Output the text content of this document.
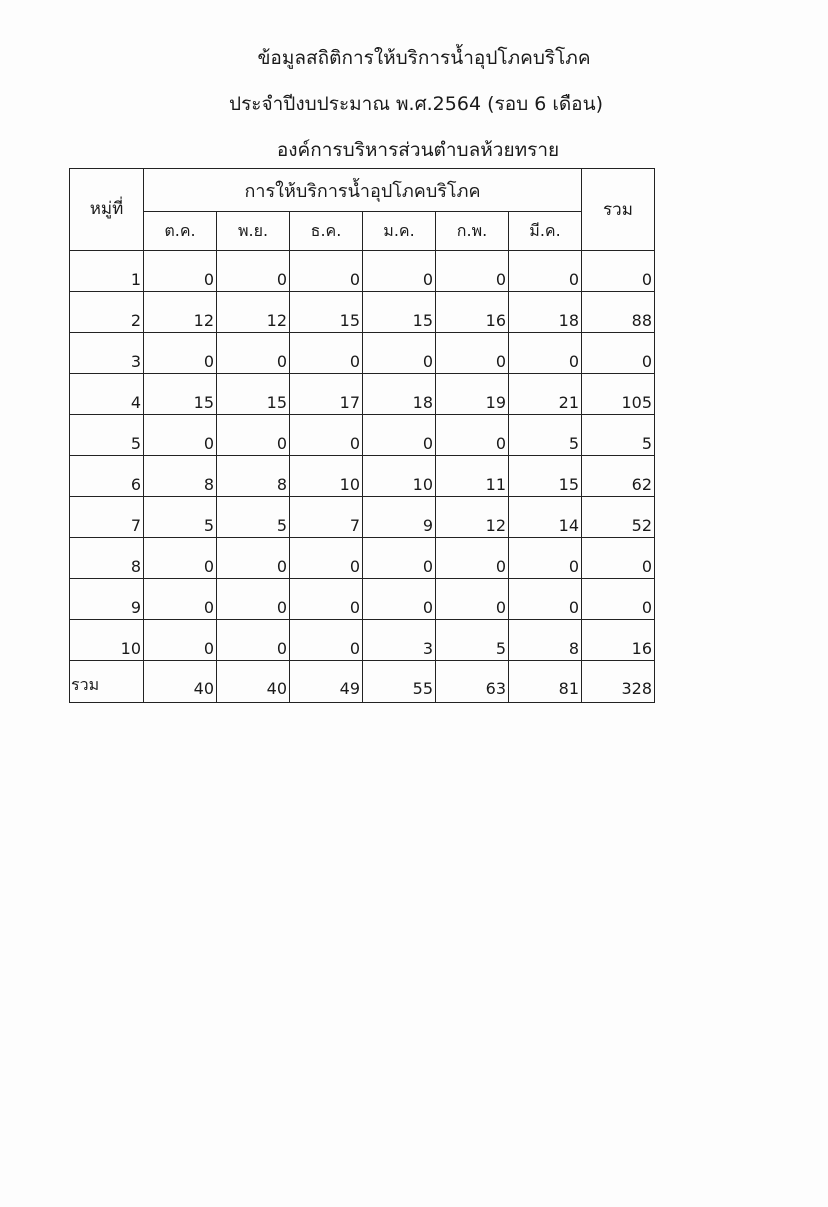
ข้อมูลสถิติการให้บริการน้ำอุปโภคบริโภค
ประจำปีงบประมาณ พ.ศ.2564 (รอบ 6 เดือน)
องค์การบริหารส่วนตำบลห้วยทราย
หมู่ที่	การให้บริการน้ำอุปโภคบริโภค						รวม
	ต.ค.	พ.ย.	ธ.ค.	ม.ค.	ก.พ.	มี.ค.	
1	0	0	0	0	0	0	0
2	12	12	15	15	16	18	88
3	0	0	0	0	0	0	0
4	15	15	17	18	19	21	105
5	0	0	0	0	0	5	5
6	8	8	10	10	11	15	62
7	5	5	7	9	12	14	52
8	0	0	0	0	0	0	0
9	0	0	0	0	0	0	0
10	0	0	0	3	5	8	16
รวม	40	40	49	55	63	81	328
